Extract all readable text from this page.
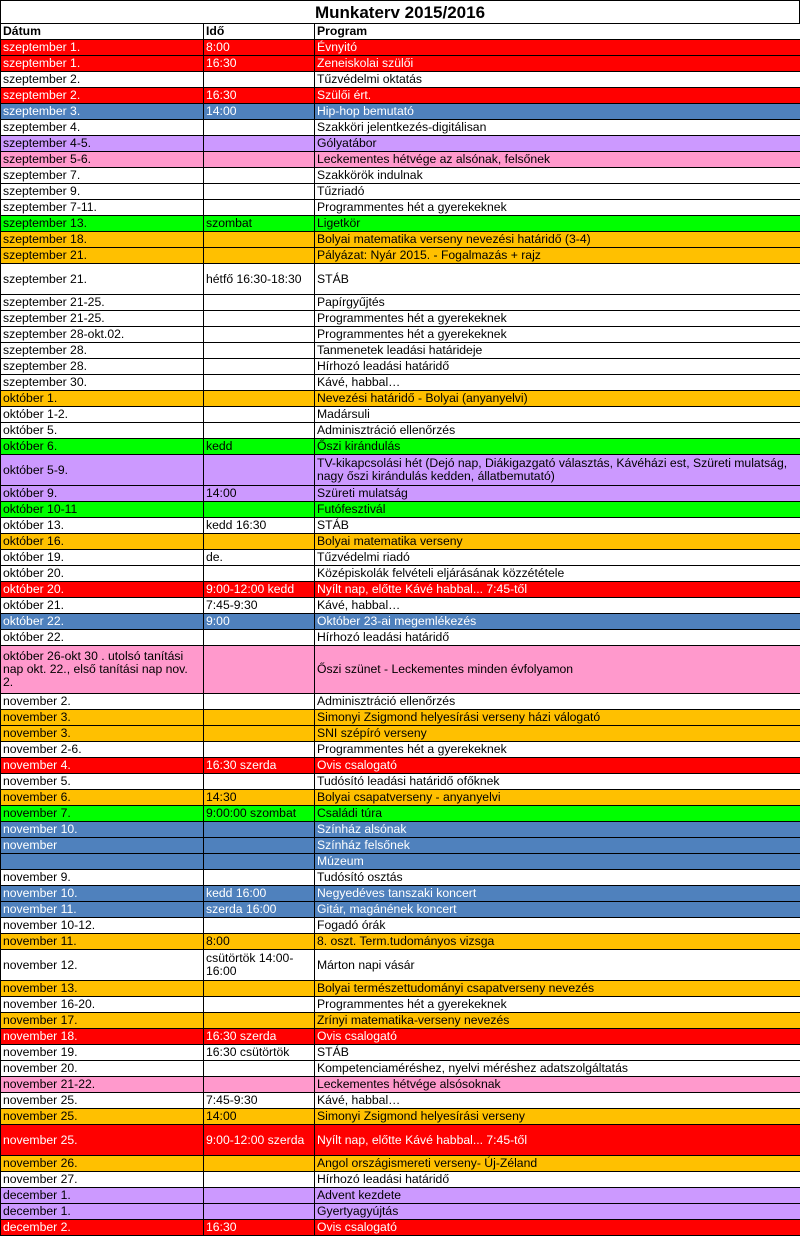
Munkaterv 2015/2016
Dátum	Idő	Program
szeptember 1.	8:00	Évnyitó
szeptember 1.	16:30	Zeneiskolai szülői
szeptember 2.		Tűzvédelmi oktatás
szeptember 2.	16:30	Szülői ért.
szeptember 3.	14:00	Hip-hop bemutató
szeptember 4.		Szakköri jelentkezés-digitálisan
szeptember 4-5.		Gólyatábor
szeptember 5-6.		Leckementes hétvége az alsónak, felsőnek
szeptember 7.		Szakkörök indulnak
szeptember 9.		Tűzriadó
szeptember 7-11.		Programmentes hét a gyerekeknek
szeptember 13.	szombat	Ligetkör
szeptember 18.		Bolyai matematika verseny nevezési határidő (3-4)
szeptember 21.		Pályázat: Nyár 2015. - Fogalmazás + rajz
szeptember 21.	hétfő 16:30-18:30	STÁB
szeptember 21-25.		Papírgyűjtés
szeptember 21-25.		Programmentes hét a gyerekeknek
szeptember 28-okt.02.		Programmentes hét a gyerekeknek
szeptember 28.		Tanmenetek leadási határideje
szeptember 28.		Hírhozó leadási határidő
szeptember 30.		Kávé, habbal…
október 1.		Nevezési határidő - Bolyai (anyanyelvi)
október 1-2.		Madársuli
október 5.		Adminisztráció ellenőrzés
október 6.	kedd	Őszi kirándulás
október 5-9.		TV-kikapcsolási hét (Dejó nap, Diákigazgató választás, Kávéházi est, Szüreti mulatság, nagy őszi kirándulás kedden, állatbemutató)
október 9.	14:00	Szüreti mulatság
október 10-11		Futófesztivál
október 13.	kedd 16:30	STÁB
október 16.		Bolyai matematika verseny
október 19.	de.	Tűzvédelmi riadó
október 20.		Középiskolák felvételi eljárásának közzététele
október 20.	9:00-12:00 kedd	Nyílt nap, előtte Kávé habbal... 7:45-től
október 21.	7:45-9:30	Kávé, habbal…
október 22.	9:00	Október 23-ai megemlékezés
október 22.		Hírhozó leadási határidő
október 26-okt 30 . utolsó tanítási nap okt. 22., első tanítási nap nov. 2.		Őszi szünet - Leckementes minden évfolyamon
november 2.		Adminisztráció ellenőrzés
november 3.		Simonyi Zsigmond helyesírási verseny házi válogató
november 3.		SNI szépíró verseny
november 2-6.		Programmentes hét a gyerekeknek
november 4.	16:30 szerda	Ovis csalogató
november 5.		Tudósító leadási határidő ofőknek
november 6.	14:30	Bolyai csapatverseny - anyanyelvi
november 7.	9:00:00 szombat	Családi túra
november 10.		Színház alsónak
november		Színház felsőnek
		Múzeum
november 9.		Tudósító osztás
november 10.	kedd 16:00	Negyedéves tanszaki koncert
november 11.	szerda 16:00	Gitár, magánének koncert
november 10-12.		Fogadó órák
november 11.	8:00	8. oszt. Term.tudományos vizsga
november 12.	csütörtök 14:00-16:00	Márton napi vásár
november 13.		Bolyai természettudományi csapatverseny nevezés
november 16-20.		Programmentes hét a gyerekeknek
november 17.		Zrínyi matematika-verseny nevezés
november 18.	16:30 szerda	Ovis csalogató
november 19.	16:30 csütörtök	STÁB
november 20.		Kompetenciaméréshez, nyelvi méréshez adatszolgáltatás
november 21-22.		Leckementes hétvége alsósoknak
november 25.	7:45-9:30	Kávé, habbal…
november 25.	14:00	Simonyi Zsigmond helyesírási verseny
november 25.	9:00-12:00 szerda	Nyílt nap, előtte Kávé habbal... 7:45-től
november 26.		Angol országismereti verseny- Új-Zéland
november 27.		Hírhozó leadási határidő
december 1.		Advent kezdete
december 1.		Gyertyagyújtás
december 2.	16:30	Ovis csalogató
